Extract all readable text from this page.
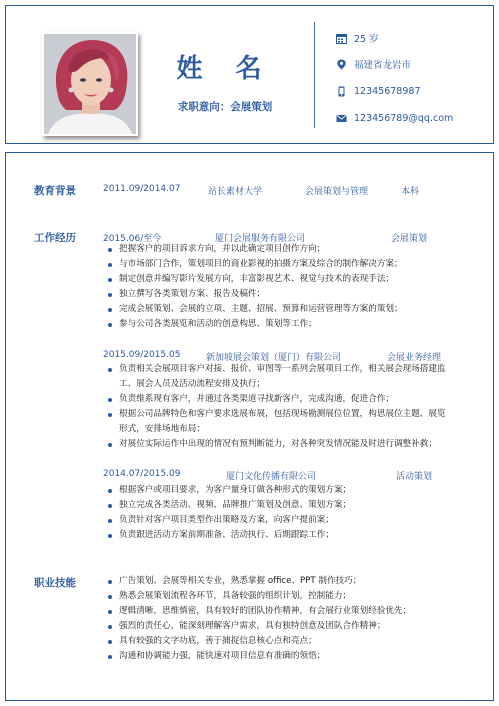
姓 名
求职意向：会展策划
25 岁
福建省龙岩市
12345678987
123456789@qq.com
教育背景	2011.09/2014.07	站长素材大学	会展策划与管理	本科
工作经历	2015.06/至今	厦门会展服务有限公司	会展策划
把握客户的项目诉求方向，并以此确定项目创作方向；
与市场部门合作，策划项目的商业影视的拍摄方案及综合的制作解决方案；
制定创意并编写影片发展方向，丰富影视艺术、视觉与技术的表现手法；
独立撰写各类策划方案、报告及稿件；
完成会展策划、会展的立项、主题、招展、预算和运营管理等方案的策划；
参与公司各类展览和活动的创意构思、策划等工作；
2015.09/2015.05	新加坡展会策划（厦门）有限公司	会展业务经理
负责相关会展项目客户对接、报价、审图等一系列会展项目工作，相关展会现场搭建监
工、展会人员及活动流程安排及执行；
负责维系现有客户，并通过各类渠道寻找新客户，完成沟通，促进合作；
根据公司品牌特色和客户要求选展布展，包括现场勘测展位位置，构思展位主题、展览
形式，安排场地布局；
对展位实际运作中出现的情况有预判断能力，对各种突发情况能及时进行调整补救；
2014.07/2015.09	厦门文化传播有限公司	活动策划
根据客户或项目要求，为客户量身订做各种形式的策划方案；
独立完成各类活动、视频、品牌推广策划及创意、策划方案；
负责针对客户项目类型作出策略及方案，向客户提前案；
负责跟进活动方案前期准备、活动执行、后期跟踪工作；
职业技能	广告策划、会展等相关专业，熟悉掌握 office、PPT 制作技巧；
熟悉会展策划流程各环节，具备较强的组织计划，控制能力；
逻辑清晰，思维慎密，具有较好的团队协作精神，有会展行业策划经验优先；
强烈的责任心，能深刻理解客户需求，具有独特创意及团队合作精神；
具有较强的文字功底，善于捕捉信息核心点和亮点；
沟通和协调能力强，能快速对项目信息有准确的领悟；
